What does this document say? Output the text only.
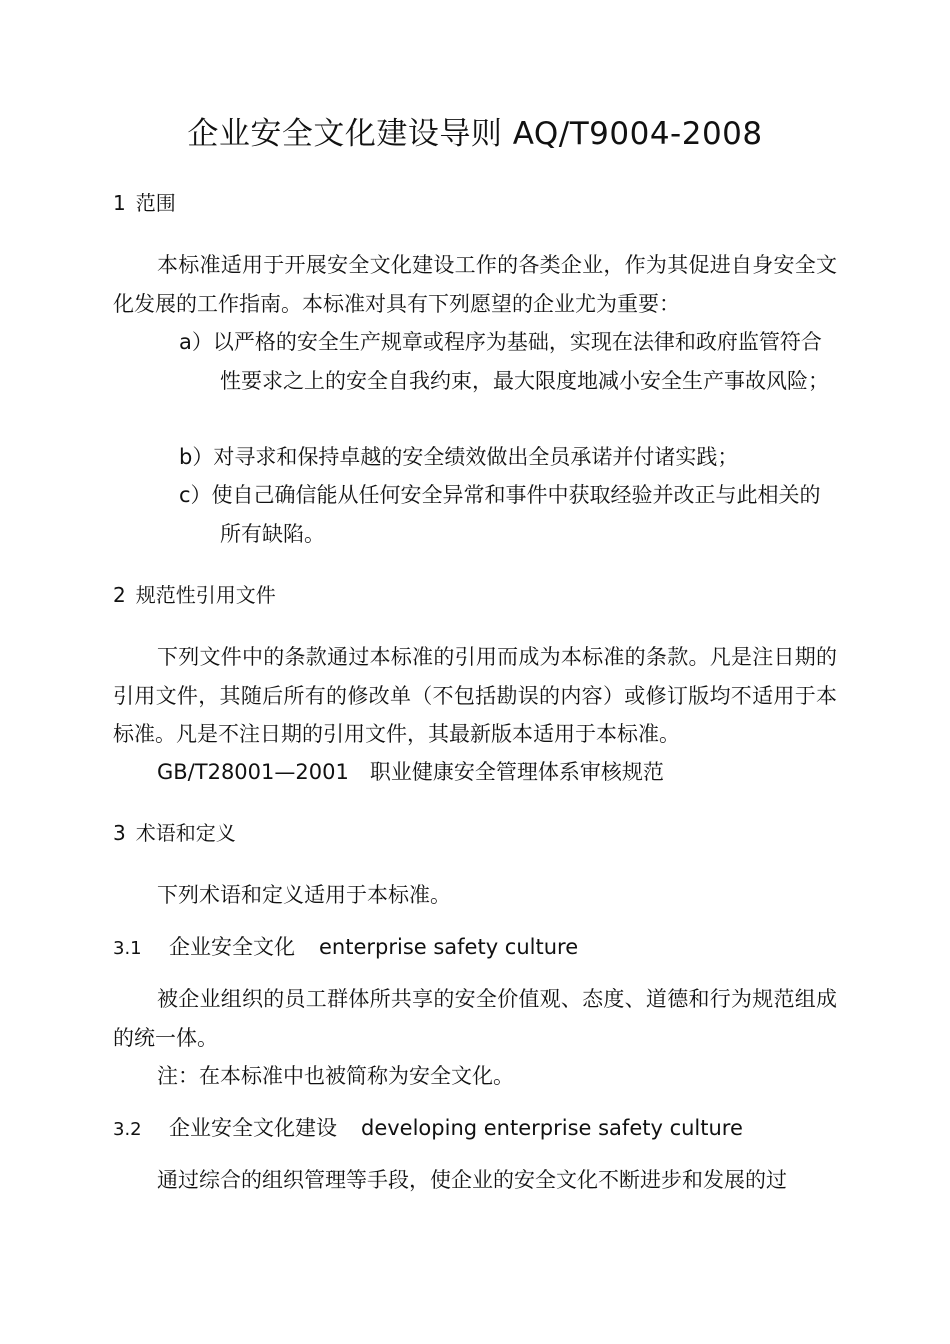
企业安全文化建设导则 AQ/T9004-2008
1 范围
本标准适用于开展安全文化建设工作的各类企业，作为其促进自身安全文化发展的工作指南。本标准对具有下列愿望的企业尤为重要：
a）以严格的安全生产规章或程序为基础，实现在法律和政府监管符合性要求之上的安全自我约束，最大限度地减小安全生产事故风险；
b）对寻求和保持卓越的安全绩效做出全员承诺并付诸实践；
c）使自己确信能从任何安全异常和事件中获取经验并改正与此相关的所有缺陷。
2 规范性引用文件
下列文件中的条款通过本标准的引用而成为本标准的条款。凡是注日期的引用文件，其随后所有的修改单（不包括勘误的内容）或修订版均不适用于本标准。凡是不注日期的引用文件，其最新版本适用于本标准。
GB/T28001—2001　职业健康安全管理体系审核规范
3 术语和定义
下列术语和定义适用于本标准。
3.1 企业安全文化 enterprise safety culture
被企业组织的员工群体所共享的安全价值观、态度、道德和行为规范组成的统一体。
注：在本标准中也被简称为安全文化。
3.2 企业安全文化建设 developing enterprise safety culture
通过综合的组织管理等手段，使企业的安全文化不断进步和发展的过
